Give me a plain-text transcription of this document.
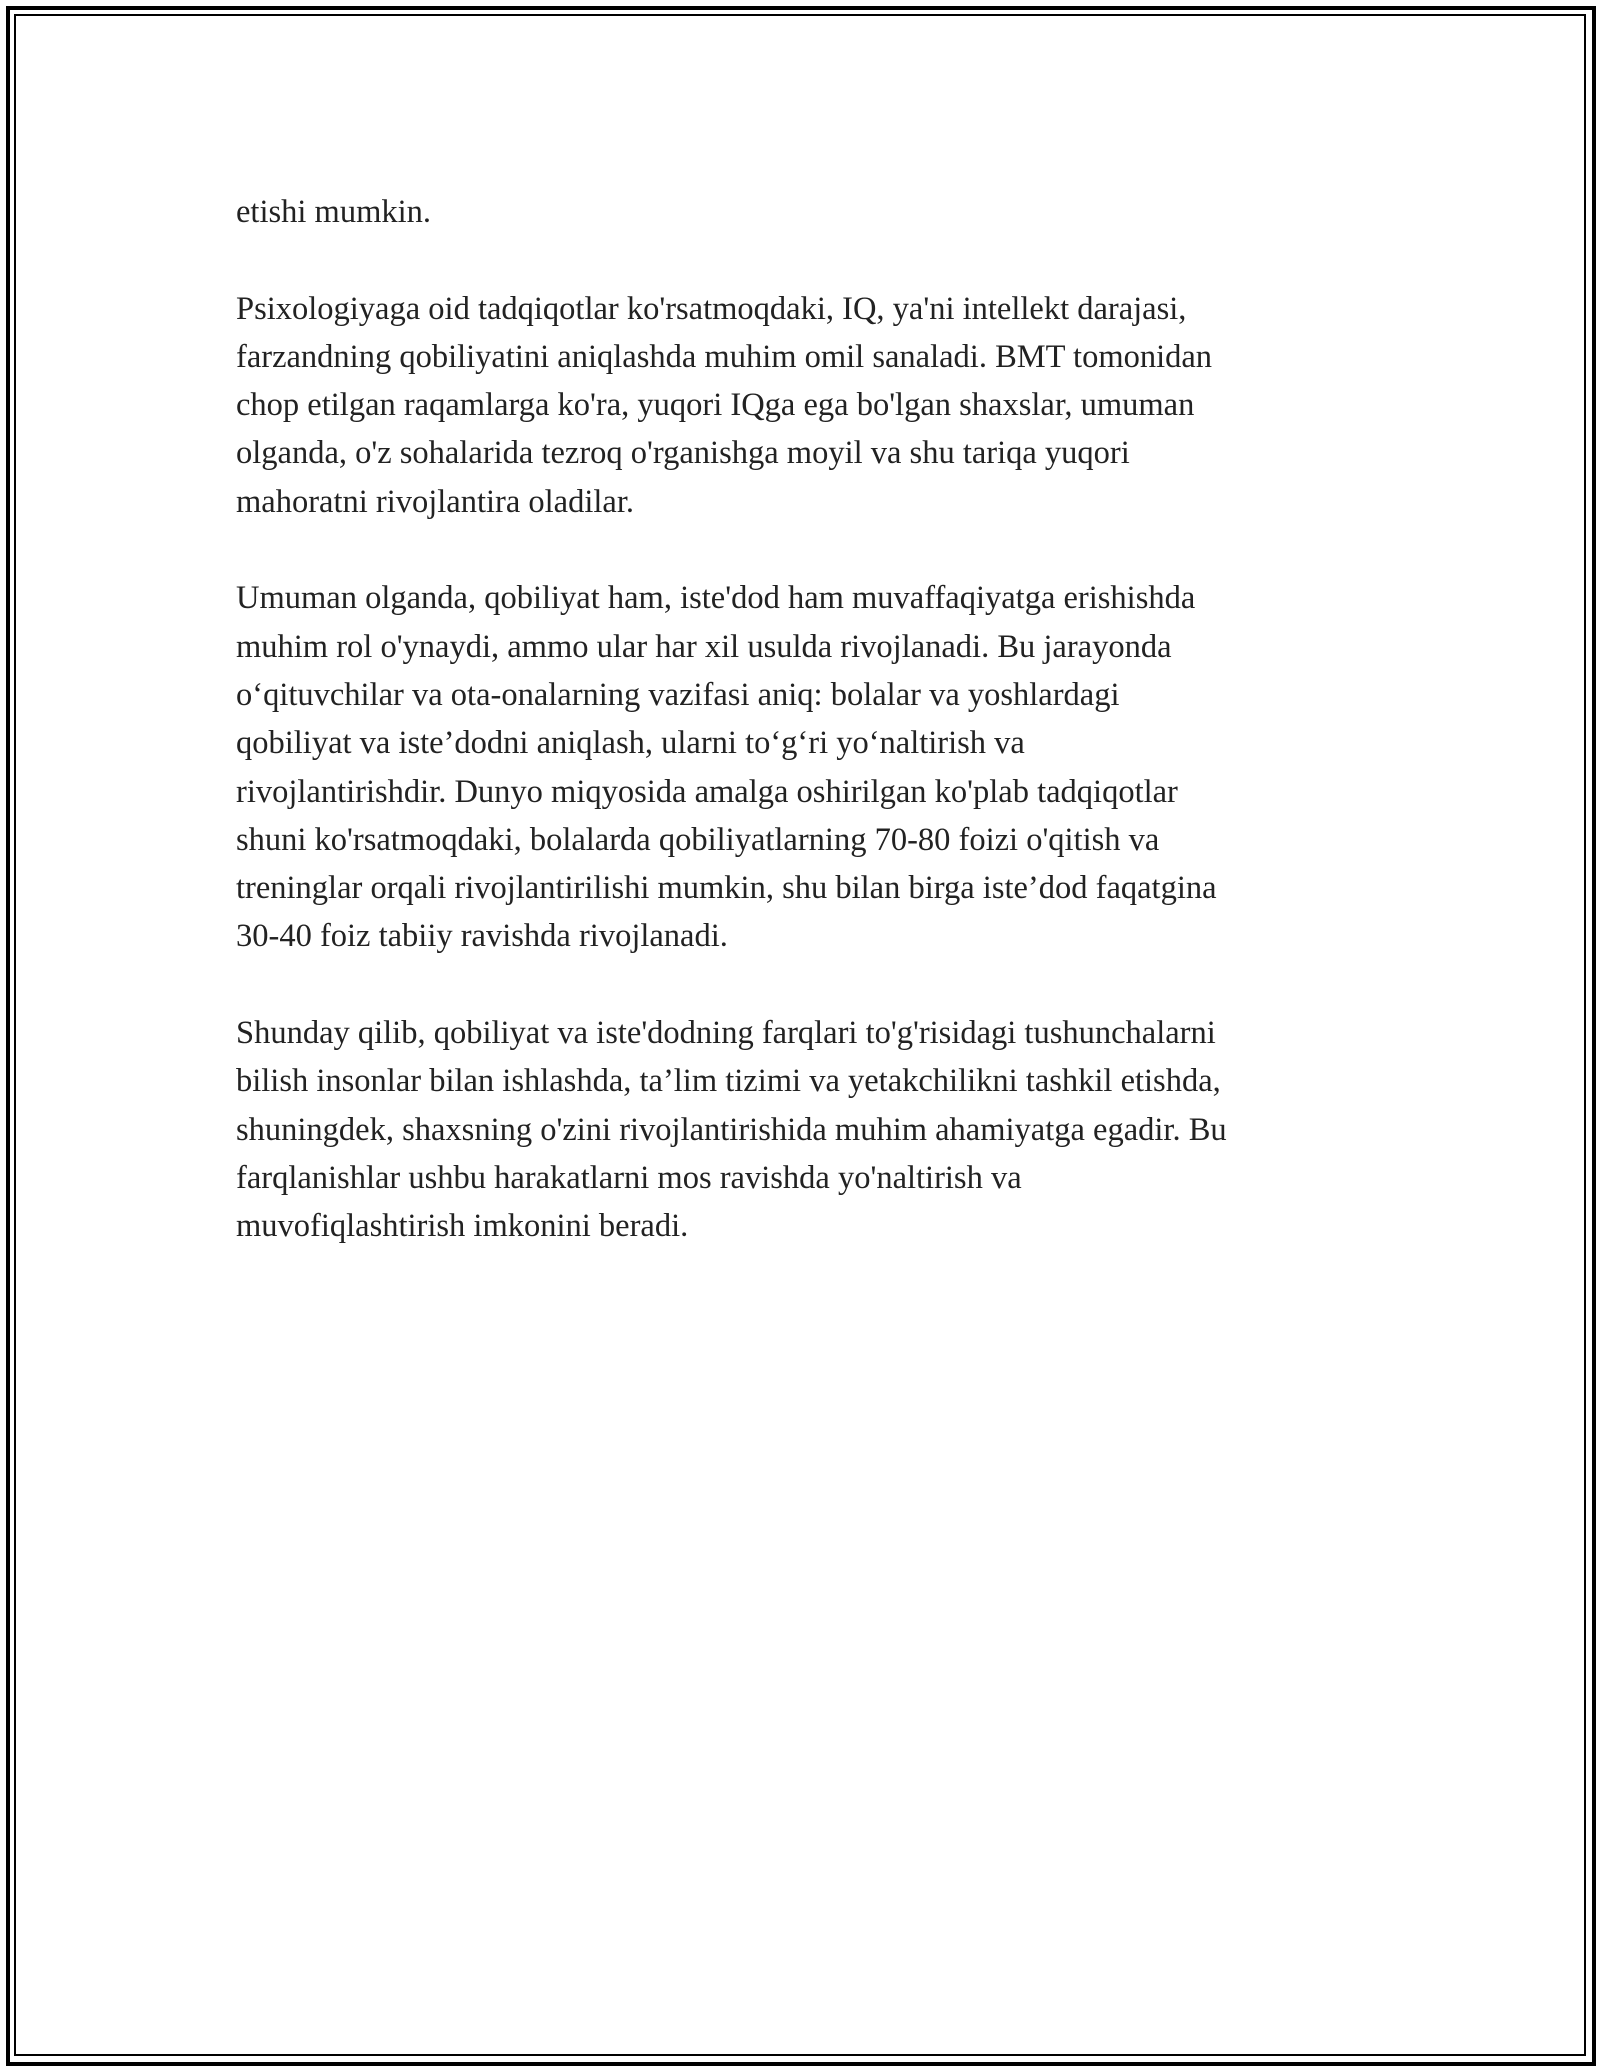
etishi mumkin.

Psixologiyaga oid tadqiqotlar ko'rsatmoqdaki, IQ, ya'ni intellekt darajasi,
farzandning qobiliyatini aniqlashda muhim omil sanaladi. BMT tomonidan
chop etilgan raqamlarga ko'ra, yuqori IQga ega bo'lgan shaxslar, umuman
olganda, o'z sohalarida tezroq o'rganishga moyil va shu tariqa yuqori
mahoratni rivojlantira oladilar.

Umuman olganda, qobiliyat ham, iste'dod ham muvaffaqiyatga erishishda
muhim rol o'ynaydi, ammo ular har xil usulda rivojlanadi. Bu jarayonda
o‘qituvchilar va ota-onalarning vazifasi aniq: bolalar va yoshlardagi
qobiliyat va iste’dodni aniqlash, ularni to‘g‘ri yo‘naltirish va
rivojlantirishdir. Dunyo miqyosida amalga oshirilgan ko'plab tadqiqotlar
shuni ko'rsatmoqdaki, bolalarda qobiliyatlarning 70-80 foizi o'qitish va
treninglar orqali rivojlantirilishi mumkin, shu bilan birga iste’dod faqatgina
30-40 foiz tabiiy ravishda rivojlanadi.

Shunday qilib, qobiliyat va iste'dodning farqlari to'g'risidagi tushunchalarni
bilish insonlar bilan ishlashda, ta’lim tizimi va yetakchilikni tashkil etishda,
shuningdek, shaxsning o'zini rivojlantirishida muhim ahamiyatga egadir. Bu
farqlanishlar ushbu harakatlarni mos ravishda yo'naltirish va
muvofiqlashtirish imkonini beradi.
